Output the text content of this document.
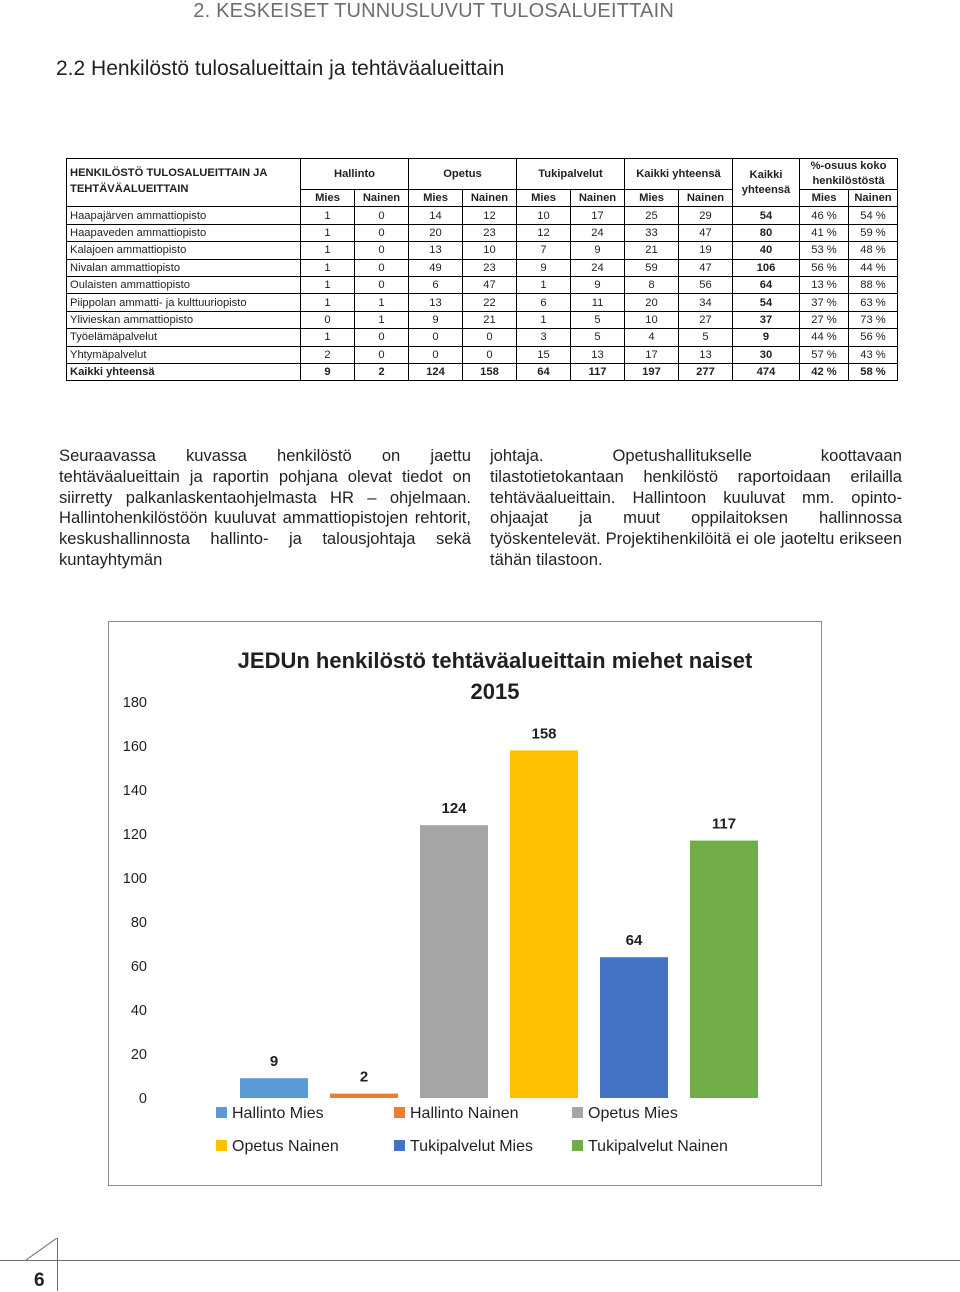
2. KESKEISET TUNNUSLUVUT TULOSALUEITTAIN
2.2 Henkilöstö tulosalueittain ja tehtäväalueittain
HENKILÖSTÖ TULOSALUEITTAIN JA TEHTÄVÄALUEITTAIN	Hallinto		Opetus		Tukipalvelut		Kaikki yhteensä		Kaikki yhteensä	%-osuus koko henkilöstöstä	
	Mies	Nainen	Mies	Nainen	Mies	Nainen	Mies	Nainen		Mies	Nainen
Haapajärven ammattiopisto	1	0	14	12	10	17	25	29	54	46 %	54 %
Haapaveden ammattiopisto	1	0	20	23	12	24	33	47	80	41 %	59 %
Kalajoen ammattiopisto	1	0	13	10	7	9	21	19	40	53 %	48 %
Nivalan ammattiopisto	1	0	49	23	9	24	59	47	106	56 %	44 %
Oulaisten ammattiopisto	1	0	6	47	1	9	8	56	64	13 %	88 %
Piippolan ammatti- ja kulttuuriopisto	1	1	13	22	6	11	20	34	54	37 %	63 %
Ylivieskan ammattiopisto	0	1	9	21	1	5	10	27	37	27 %	73 %
Työelämäpalvelut	1	0	0	0	3	5	4	5	9	44 %	56 %
Yhtymäpalvelut	2	0	0	0	15	13	17	13	30	57 %	43 %
Kaikki yhteensä	9	2	124	158	64	117	197	277	474	42 %	58 %
Seuraavassa kuvassa henkilöstö on jaettu tehtäväalueittain ja raportin pohjana olevat tiedot on siirretty palkanlaskentaohjelmasta HR – ohjelmaan. Hallintohenkilöstöön kuuluvat ammattiopistojen rehtorit, keskushallinnosta hallinto- ja talousjohtaja sekä kuntayhtymän
johtaja. Opetushallitukselle koottavaan tilastotietokantaan henkilöstö raportoidaan erilailla tehtäväalueittain. Hallintoon kuuluvat mm. opinto-ohjaajat ja muut oppilaitoksen hallinnossa työskentelevät. Projektihenkilöitä ei ole jaoteltu erikseen tähän tilastoon.
JEDUn henkilöstö tehtäväalueittain miehet naiset
2015
0
20
40
60
80
100
120
140
160
180
9
2
124
158
64
117
Hallinto Mies	Hallinto Nainen	Opetus Mies
Opetus Nainen	Tukipalvelut Mies	Tukipalvelut Nainen
6
